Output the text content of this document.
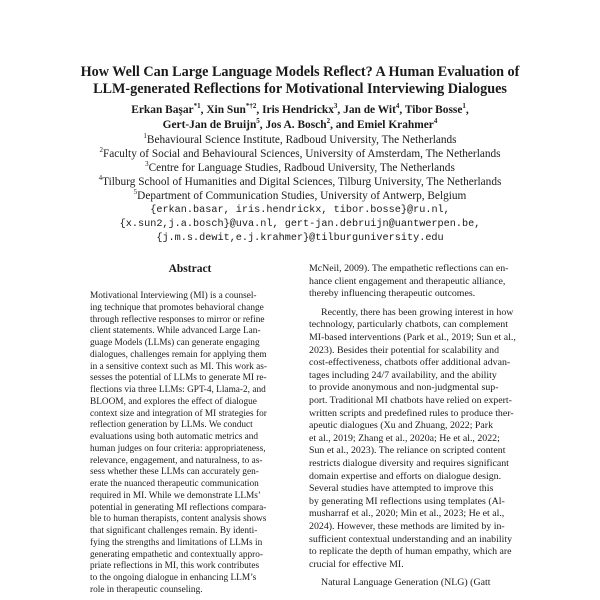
How Well Can Large Language Models Reflect? A Human Evaluation of
LLM-generated Reflections for Motivational Interviewing Dialogues
Erkan Başar$^{*1}$, Xin Sun$^{*\dagger 2}$, Iris Hendrickx$^3$, Jan de Wit$^4$, Tibor Bosse$^1$,
Gert-Jan de Bruijn$^5$, Jos A. Bosch$^2$, and Emiel Krahmer$^4$
$^1$Behavioural Science Institute, Radboud University, The Netherlands
$^2$Faculty of Social and Behavioural Sciences, University of Amsterdam, The Netherlands
$^3$Centre for Language Studies, Radboud University, The Netherlands
$^4$Tilburg School of Humanities and Digital Sciences, Tilburg University, The Netherlands
$^5$Department of Communication Studies, University of Antwerp, Belgium
{erkan.basar, iris.hendrickx, tibor.bosse}@ru.nl,
{x.sun2,j.a.bosch}@uva.nl, gert-jan.debruijn@uantwerpen.be,
{j.m.s.dewit,e.j.krahmer}@tilburguniversity.edu
Abstract
Motivational Interviewing (MI) is a counsel-
ing technique that promotes behavioral change
through reflective responses to mirror or refine
client statements. While advanced Large Lan-
guage Models (LLMs) can generate engaging
dialogues, challenges remain for applying them
in a sensitive context such as MI. This work as-
sesses the potential of LLMs to generate MI re-
flections via three LLMs: GPT-4, Llama-2, and
BLOOM, and explores the effect of dialogue
context size and integration of MI strategies for
reflection generation by LLMs. We conduct
evaluations using both automatic metrics and
human judges on four criteria: appropriateness,
relevance, engagement, and naturalness, to as-
sess whether these LLMs can accurately gen-
erate the nuanced therapeutic communication
required in MI. While we demonstrate LLMs’
potential in generating MI reflections compara-
ble to human therapists, content analysis shows
that significant challenges remain. By identi-
fying the strengths and limitations of LLMs in
generating empathetic and contextually appro-
priate reflections in MI, this work contributes
to the ongoing dialogue in enhancing LLM’s
role in therapeutic counseling.
McNeil, 2009). The empathetic reflections can en-
hance client engagement and therapeutic alliance,
thereby influencing therapeutic outcomes.
Recently, there has been growing interest in how
technology, particularly chatbots, can complement
MI-based interventions (Park et al., 2019; Sun et al.,
2023). Besides their potential for scalability and
cost-effectiveness, chatbots offer additional advan-
tages including 24/7 availability, and the ability
to provide anonymous and non-judgmental sup-
port. Traditional MI chatbots have relied on expert-
written scripts and predefined rules to produce ther-
apeutic dialogues (Xu and Zhuang, 2022; Park
et al., 2019; Zhang et al., 2020a; He et al., 2022;
Sun et al., 2023). The reliance on scripted content
restricts dialogue diversity and requires significant
domain expertise and efforts on dialogue design.
Several studies have attempted to improve this
by generating MI reflections using templates (Al-
musharraf et al., 2020; Min et al., 2023; He et al.,
2024). However, these methods are limited by in-
sufficient contextual understanding and an inability
to replicate the depth of human empathy, which are
crucial for effective MI.
Natural Language Generation (NLG) (Gatt
